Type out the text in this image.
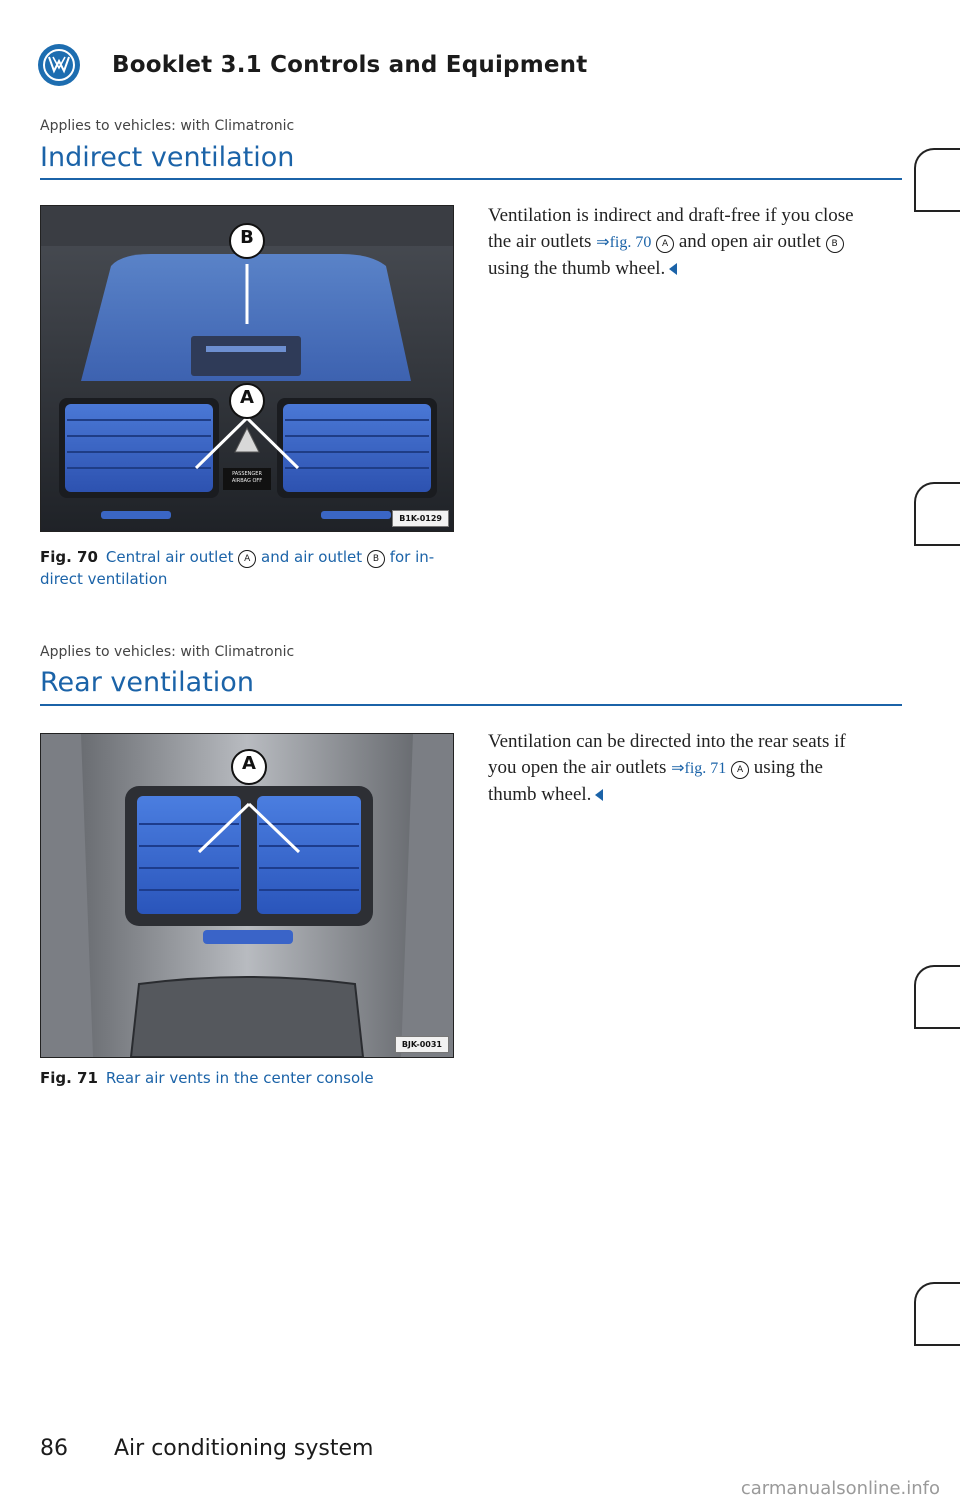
Booklet 3.1 Controls and Equipment
Applies to vehicles: with Climatronic
Indirect ventilation
B
A
PASSENGER
AIRBAG OFF
B1K-0129
Fig. 70 Central air outlet A and air outlet B for in-
direct ventilation
Ventilation is indirect and draft-free if you close
the air outlets ⇒fig. 70 A and open air outlet B
using the thumb wheel.
Applies to vehicles: with Climatronic
Rear ventilation
A
BJK-0031
Fig. 71 Rear air vents in the center console
Ventilation can be directed into the rear seats if
you open the air outlets ⇒fig. 71 A using the
thumb wheel.
86 Air conditioning system
carmanualsonline.info
